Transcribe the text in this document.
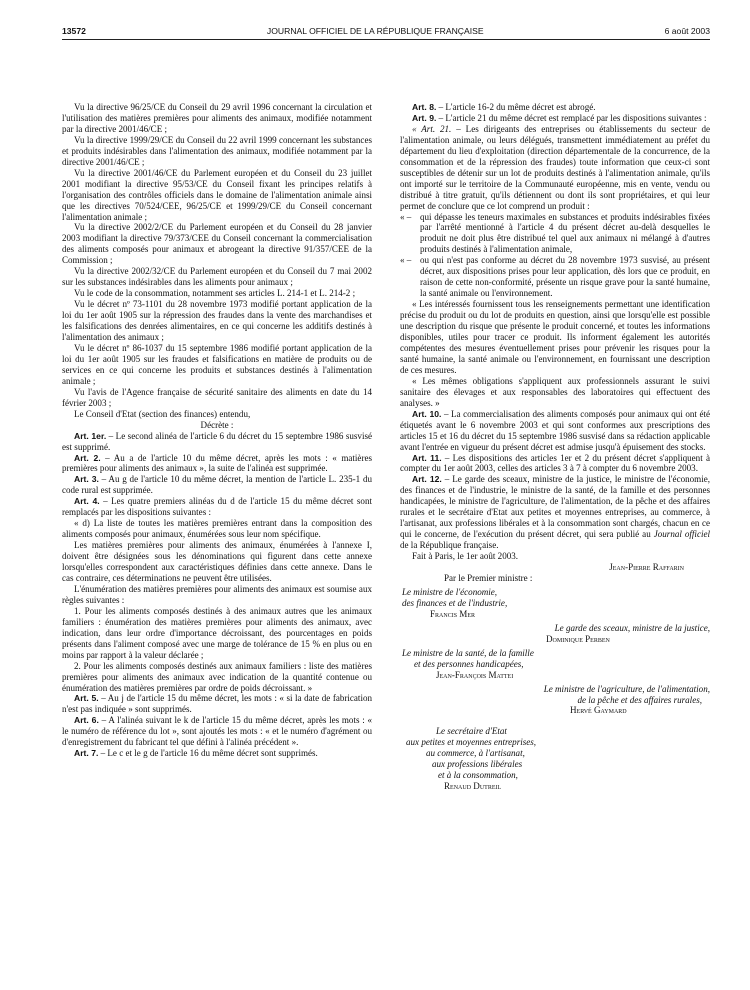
13572	JOURNAL OFFICIEL DE LA RÉPUBLIQUE FRANÇAISE	6 août 2003

Vu la directive 96/25/CE du Conseil du 29 avril 1996 concernant la circulation et l'utilisation des matières premières pour aliments des animaux, modifiée notamment par la directive 2001/46/CE ;

Vu la directive 1999/29/CE du Conseil du 22 avril 1999 concernant les substances et produits indésirables dans l'alimentation des animaux, modifiée notamment par la directive 2001/46/CE ;

Vu la directive 2001/46/CE du Parlement européen et du Conseil du 23 juillet 2001 modifiant la directive 95/53/CE du Conseil fixant les principes relatifs à l'organisation des contrôles officiels dans le domaine de l'alimentation animale ainsi que les directives 70/524/CEE, 96/25/CE et 1999/29/CE du Conseil concernant l'alimentation animale ;

Vu la directive 2002/2/CE du Parlement européen et du Conseil du 28 janvier 2003 modifiant la directive 79/373/CEE du Conseil concernant la commercialisation des aliments composés pour animaux et abrogeant la directive 91/357/CEE de la Commission ;

Vu la directive 2002/32/CE du Parlement européen et du Conseil du 7 mai 2002 sur les substances indésirables dans les aliments pour animaux ;

Vu le code de la consommation, notamment ses articles L. 214-1 et L. 214-2 ;

Vu le décret nº 73-1101 du 28 novembre 1973 modifié portant application de la loi du 1er août 1905 sur la répression des fraudes dans la vente des marchandises et les falsifications des denrées alimentaires, en ce qui concerne les additifs destinés à l'alimentation des animaux ;

Vu le décret nº 86-1037 du 15 septembre 1986 modifié portant application de la loi du 1er août 1905 sur les fraudes et falsifications en matière de produits ou de services en ce qui concerne les produits et substances destinés à l'alimentation animale ;

Vu l'avis de l'Agence française de sécurité sanitaire des aliments en date du 14 février 2003 ;

Le Conseil d'Etat (section des finances) entendu,

Décrète :

Art. 1er. – Le second alinéa de l'article 6 du décret du 15 septembre 1986 susvisé est supprimé.

Art. 2. – Au a de l'article 10 du même décret, après les mots : « matières premières pour aliments des animaux », la suite de l'alinéa est supprimée.

Art. 3. – Au g de l'article 10 du même décret, la mention de l'article L. 235-1 du code rural est supprimée.

Art. 4. – Les quatre premiers alinéas du d de l'article 15 du même décret sont remplacés par les dispositions suivantes :

« d) La liste de toutes les matières premières entrant dans la composition des aliments composés pour animaux, énumérées sous leur nom spécifique.

Les matières premières pour aliments des animaux, énumérées à l'annexe I, doivent être désignées sous les dénominations qui figurent dans cette annexe lorsqu'elles correspondent aux caractéristiques définies dans cette annexe. Dans le cas contraire, ces déterminations ne peuvent être utilisées.

L'énumération des matières premières pour aliments des animaux est soumise aux règles suivantes :

1. Pour les aliments composés destinés à des animaux autres que les animaux familiers : énumération des matières premières pour aliments des animaux, avec indication, dans leur ordre d'importance décroissant, des pourcentages en poids présents dans l'aliment composé avec une marge de tolérance de 15 % en plus ou en moins par rapport à la valeur déclarée ;

2. Pour les aliments composés destinés aux animaux familiers : liste des matières premières pour aliments des animaux avec indication de la quantité contenue ou énumération des matières premières par ordre de poids décroissant. »

Art. 5. – Au j de l'article 15 du même décret, les mots : « si la date de fabrication n'est pas indiquée » sont supprimés.

Art. 6. – A l'alinéa suivant le k de l'article 15 du même décret, après les mots : « le numéro de référence du lot », sont ajoutés les mots : « et le numéro d'agrément ou d'enregistrement du fabricant tel que défini à l'alinéa précédent ».

Art. 7. – Le c et le g de l'article 16 du même décret sont supprimés.

Art. 8. – L'article 16-2 du même décret est abrogé.

Art. 9. – L'article 21 du même décret est remplacé par les dispositions suivantes :

« Art. 21. – Les dirigeants des entreprises ou établissements du secteur de l'alimentation animale, ou leurs délégués, transmettent immédiatement au préfet du département du lieu d'exploitation (direction départementale de la concurrence, de la consommation et de la répression des fraudes) toute information que ceux-ci sont susceptibles de détenir sur un lot de produits destinés à l'alimentation animale, qu'ils ont importé sur le territoire de la Communauté européenne, mis en vente, vendu ou distribué à titre gratuit, qu'ils détiennent ou dont ils sont propriétaires, et qui leur permet de conclure que ce lot comprend un produit :

« – qui dépasse les teneurs maximales en substances et produits indésirables fixées par l'arrêté mentionné à l'article 4 du présent décret au-delà desquelles le produit ne doit plus être distribué tel quel aux animaux ni mélangé à d'autres produits destinés à l'alimentation animale,

« – ou qui n'est pas conforme au décret du 28 novembre 1973 susvisé, au présent décret, aux dispositions prises pour leur application, dès lors que ce produit, en raison de cette non-conformité, présente un risque grave pour la santé humaine, la santé animale ou l'environnement.

« Les intéressés fournissent tous les renseignements permettant une identification précise du produit ou du lot de produits en question, ainsi que lorsqu'elle est possible une description du risque que présente le produit concerné, et toutes les informations disponibles, utiles pour tracer ce produit. Ils informent également les autorités compétentes des mesures éventuellement prises pour prévenir les risques pour la santé humaine, la santé animale ou l'environnement, en fournissant une description de ces mesures.

« Les mêmes obligations s'appliquent aux professionnels assurant le suivi sanitaire des élevages et aux responsables des laboratoires qui effectuent des analyses. »

Art. 10. – La commercialisation des aliments composés pour animaux qui ont été étiquetés avant le 6 novembre 2003 et qui sont conformes aux prescriptions des articles 15 et 16 du décret du 15 septembre 1986 susvisé dans sa rédaction applicable avant l'entrée en vigueur du présent décret est admise jusqu'à épuisement des stocks.

Art. 11. – Les dispositions des articles 1er et 2 du présent décret s'appliquent à compter du 1er août 2003, celles des articles 3 à 7 à compter du 6 novembre 2003.

Art. 12. – Le garde des sceaux, ministre de la justice, le ministre de l'économie, des finances et de l'industrie, le ministre de la santé, de la famille et des personnes handicapées, le ministre de l'agriculture, de l'alimentation, de la pêche et des affaires rurales et le secrétaire d'Etat aux petites et moyennes entreprises, au commerce, à l'artisanat, aux professions libérales et à la consommation sont chargés, chacun en ce qui le concerne, de l'exécution du présent décret, qui sera publié au Journal officiel de la République française.

Fait à Paris, le 1er août 2003.

Jean-Pierre Raffarin

Par le Premier ministre :

Le ministre de l'économie,

des finances et de l'industrie,

Francis Mer

Le garde des sceaux, ministre de la justice,

Dominique Perben

Le ministre de la santé, de la famille

et des personnes handicapées,

Jean-François Mattei

Le ministre de l'agriculture, de l'alimentation,

de la pêche et des affaires rurales,

Hervé Gaymard

Le secrétaire d'Etat

aux petites et moyennes entreprises,

au commerce, à l'artisanat,

aux professions libérales

et à la consommation,

Renaud Dutreil
